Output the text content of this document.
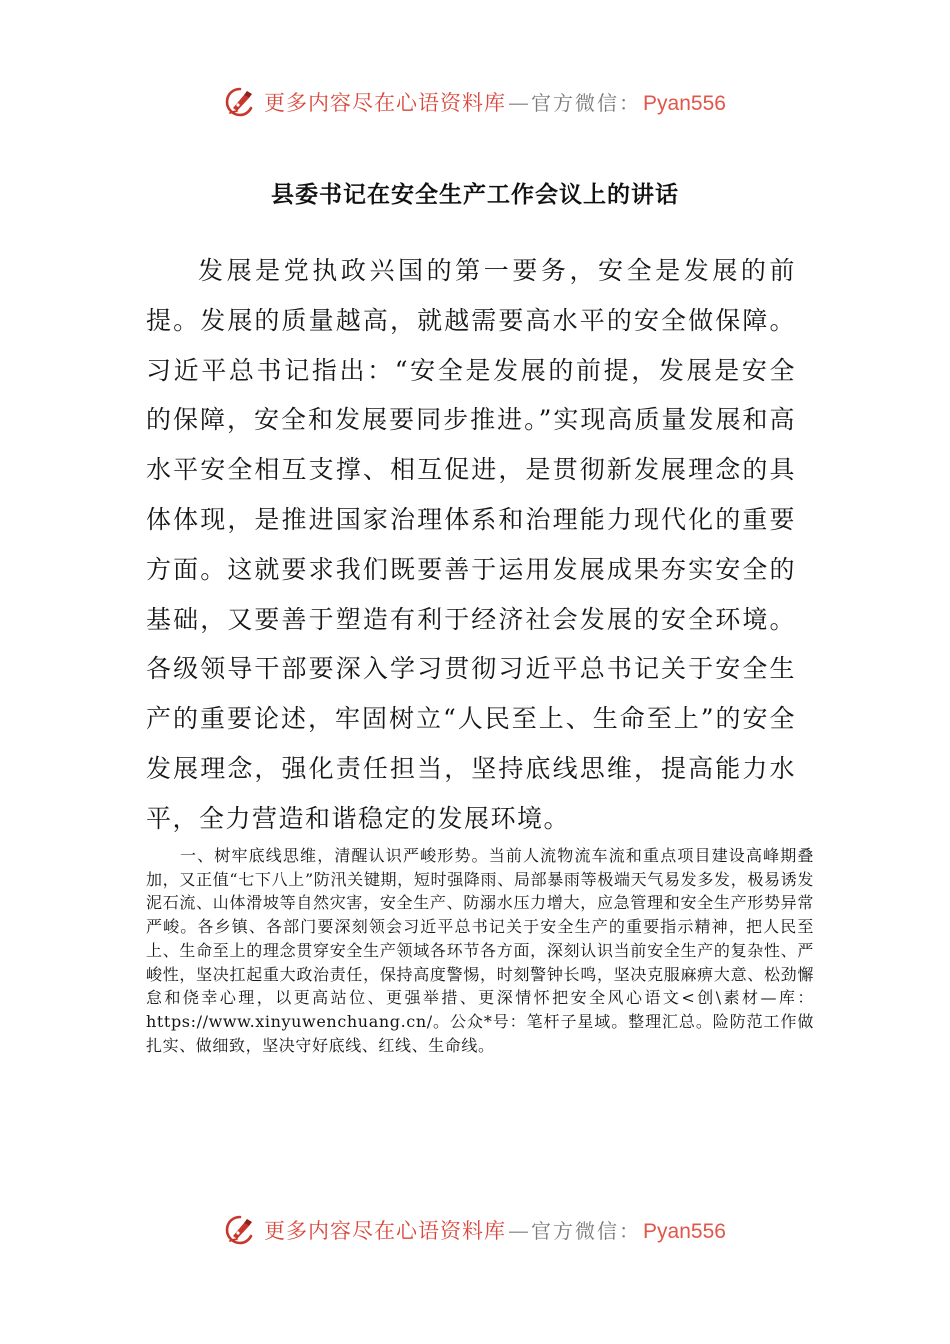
更多内容尽在心语资料库 — 官方微信： Pyan556
县委书记在安全生产工作会议上的讲话

发展是党执政兴国的第一要务，安全是发展的前提。发展的质量越高，就越需要高水平的安全做保障。习近平总书记指出：“安全是发展的前提，发展是安全的保障，安全和发展要同步推进。”实现高质量发展和高水平安全相互支撑、相互促进，是贯彻新发展理念的具体体现，是推进国家治理体系和治理能力现代化的重要方面。这就要求我们既要善于运用发展成果夯实安全的基础，又要善于塑造有利于经济社会发展的安全环境。各级领导干部要深入学习贯彻习近平总书记关于安全生产的重要论述，牢固树立“人民至上、生命至上”的安全发展理念，强化责任担当，坚持底线思维，提高能力水平，全力营造和谐稳定的发展环境。

一、树牢底线思维，清醒认识严峻形势。当前人流物流车流和重点项目建设高峰期叠加，又正值“七下八上”防汛关键期，短时强降雨、局部暴雨等极端天气易发多发，极易诱发泥石流、山体滑坡等自然灾害，安全生产、防溺水压力增大，应急管理和安全生产形势异常严峻。各乡镇、各部门要深刻领会习近平总书记关于安全生产的重要指示精神，把人民至上、生命至上的理念贯穿安全生产领域各环节各方面，深刻认识当前安全生产的复杂性、严峻性，坚决扛起重大政治责任，保持高度警惕，时刻警钟长鸣，坚决克服麻痹大意、松劲懈怠和侥幸心理，以更高站位、更强举措、更深情怀把安全风心语文<创\素材—库：https://www.xinyuwenchuang.cn/。公众*号：笔杆子星域。整理汇总。险防范工作做扎实、做细致，坚决守好底线、红线、生命线。

更多内容尽在心语资料库 — 官方微信： Pyan556
